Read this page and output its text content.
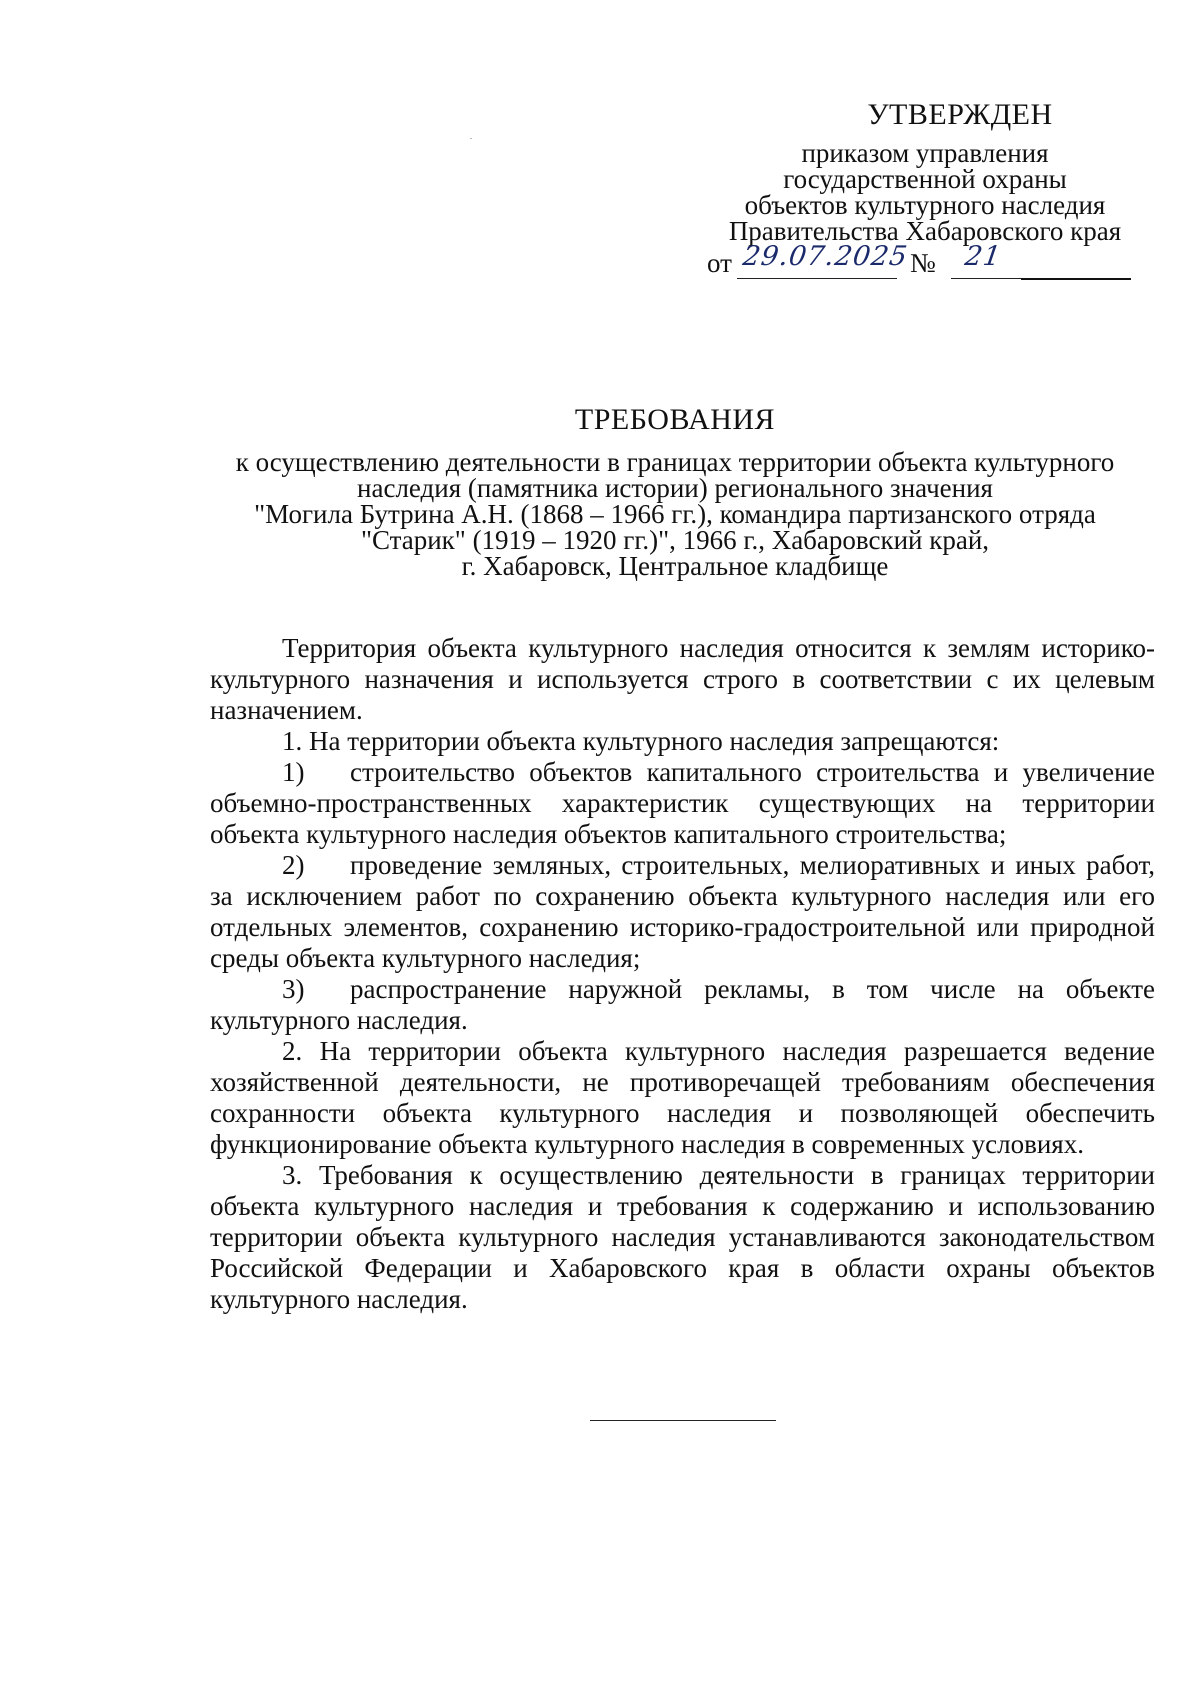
УТВЕРЖДЕН

приказом управления

государственной охраны

объектов культурного наследия

Правительства Хабаровского края

от 29.07.2025 № 21

ТРЕБОВАНИЯ

к осуществлению деятельности в границах территории объекта культурного

наследия (памятника истории) регионального значения

"Могила Бутрина А.Н. (1868 – 1966 гг.), командира партизанского отряда

"Старик" (1919 – 1920 гг.)", 1966 г., Хабаровский край,

г. Хабаровск, Центральное кладбище

Территория объекта культурного наследия относится к землям историко-культурного назначения и используется строго в соответствии с их целевым назначением.

1. На территории объекта культурного наследия запрещаются:

1) строительство объектов капитального строительства и увеличение объемно-пространственных характеристик существующих на территории объекта культурного наследия объектов капитального строительства;

2) проведение земляных, строительных, мелиоративных и иных работ, за исключением работ по сохранению объекта культурного наследия или его отдельных элементов, сохранению историко-градостроительной или природной среды объекта культурного наследия;

3) распространение наружной рекламы, в том числе на объекте культурного наследия.

2. На территории объекта культурного наследия разрешается ведение хозяйственной деятельности, не противоречащей требованиям обеспечения сохранности объекта культурного наследия и позволяющей обеспечить функционирование объекта культурного наследия в современных условиях.

3. Требования к осуществлению деятельности в границах территории объекта культурного наследия и требования к содержанию и использованию территории объекта культурного наследия устанавливаются законодательством Российской Федерации и Хабаровского края в области охраны объектов культурного наследия.
